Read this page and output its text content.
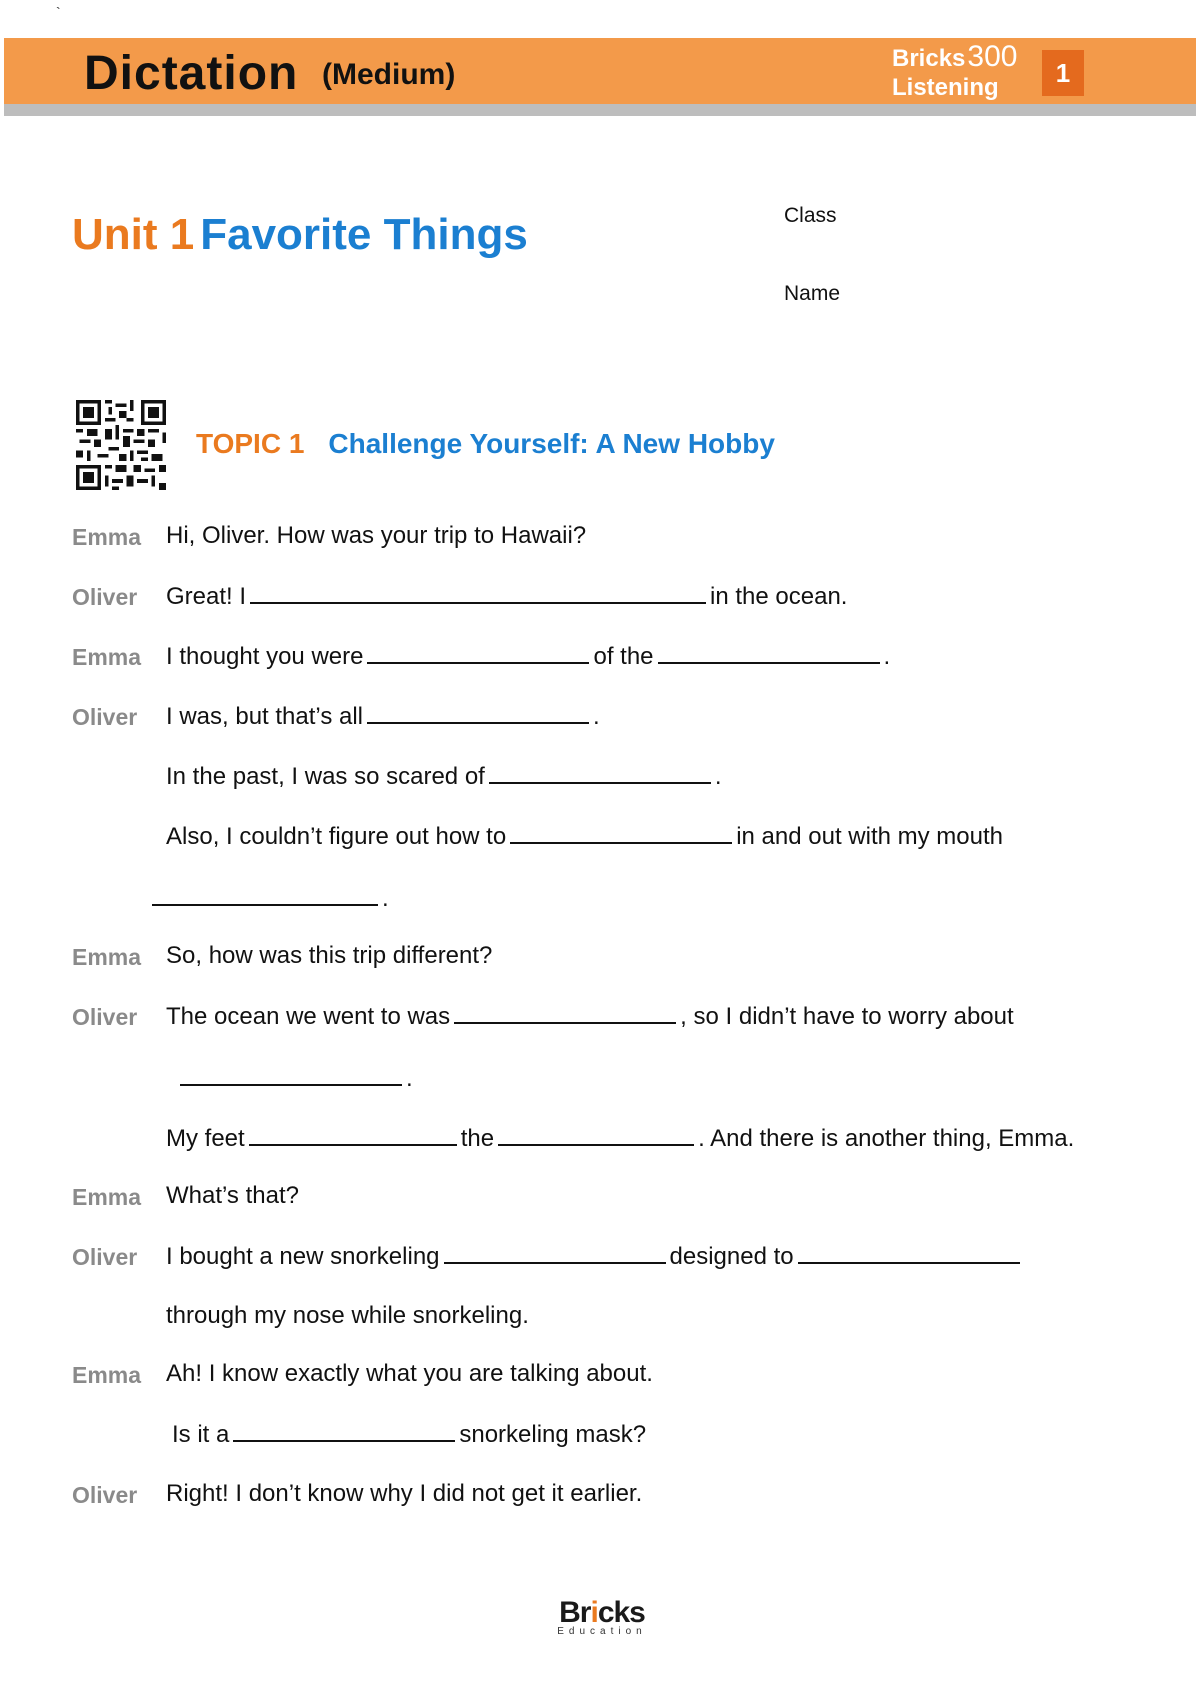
`
Dictation (Medium)	Bricks300
Listening	1
Unit 1 Favorite Things	Class
Name
TOPIC 1 Challenge Yourself: A New Hobby
Emma Hi, Oliver. How was your trip to Hawaii?
Oliver Great! I	in the ocean.
Emma I thought you were	of the	.
Oliver I was, but that’s all	.
In the past, I was so scared of	.
Also, I couldn’t figure out how to	in and out with my mouth
.
Emma So, how was this trip different?
Oliver The ocean we went to was	, so I didn’t have to worry about
.
My feet	the	. And there is another thing, Emma.
Emma What’s that?
Oliver I bought a new snorkeling	designed to
through my nose while snorkeling.
Emma Ah! I know exactly what you are talking about.
Is it a	snorkeling mask?
Oliver Right! I don’t know why I did not get it earlier.
Bricks
Education
